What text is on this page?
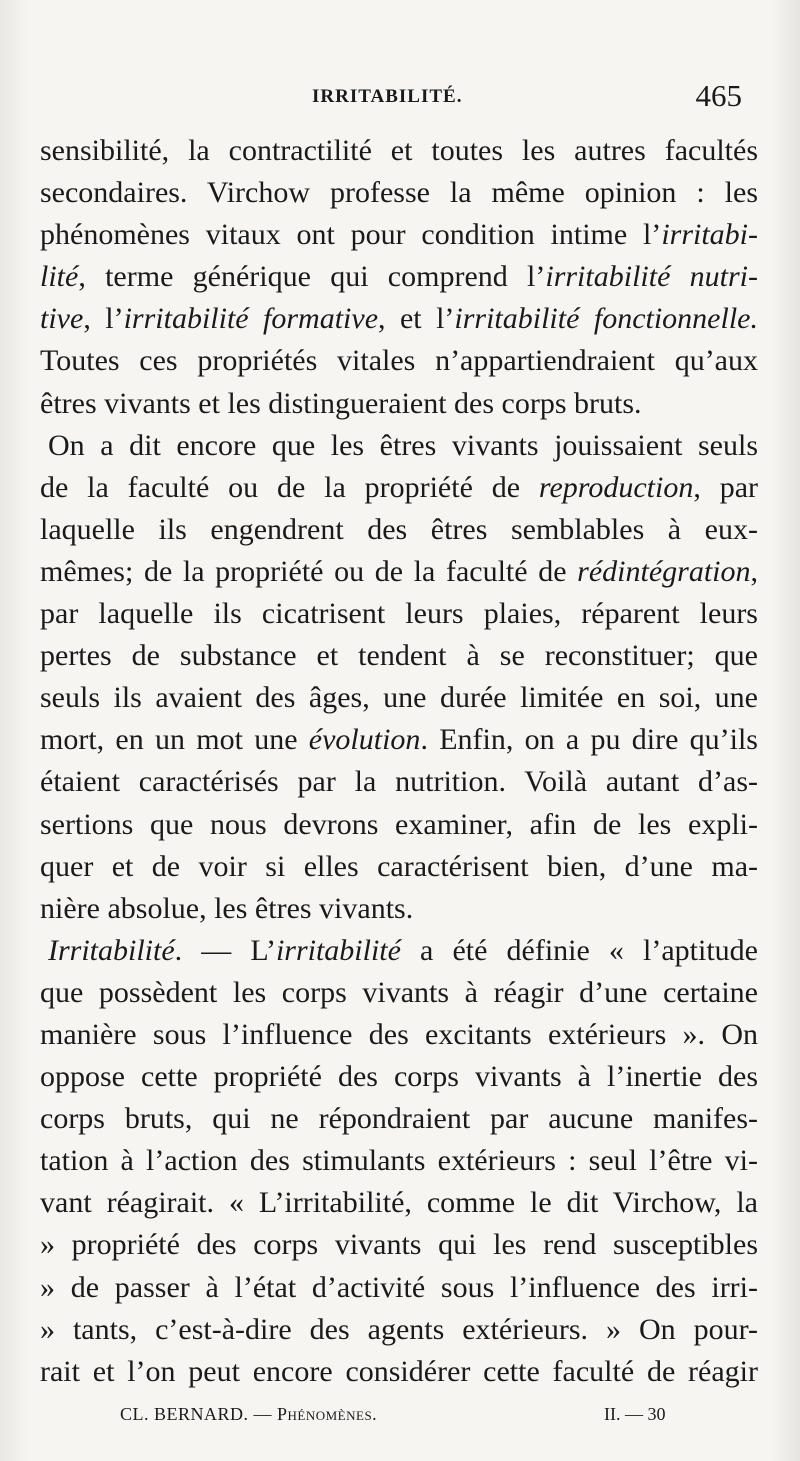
IRRITABILITÉ.	465
sensibilité, la contractilité et toutes les autres facultés
secondaires. Virchow professe la même opinion : les
phénomènes vitaux ont pour condition intime l’irritabi-
lité, terme générique qui comprend l’irritabilité nutri-
tive, l’irritabilité formative, et l’irritabilité fonctionnelle.
Toutes ces propriétés vitales n’appartiendraient qu’aux
êtres vivants et les distingueraient des corps bruts.
On a dit encore que les êtres vivants jouissaient seuls
de la faculté ou de la propriété de reproduction, par
laquelle ils engendrent des êtres semblables à eux-
mêmes; de la propriété ou de la faculté de rédintégration,
par laquelle ils cicatrisent leurs plaies, réparent leurs
pertes de substance et tendent à se reconstituer; que
seuls ils avaient des âges, une durée limitée en soi, une
mort, en un mot une évolution. Enfin, on a pu dire qu’ils
étaient caractérisés par la nutrition. Voilà autant d’as-
sertions que nous devrons examiner, afin de les expli-
quer et de voir si elles caractérisent bien, d’une ma-
nière absolue, les êtres vivants.
Irritabilité. — L’irritabilité a été définie « l’aptitude
que possèdent les corps vivants à réagir d’une certaine
manière sous l’influence des excitants extérieurs ». On
oppose cette propriété des corps vivants à l’inertie des
corps bruts, qui ne répondraient par aucune manifes-
tation à l’action des stimulants extérieurs : seul l’être vi-
vant réagirait. « L’irritabilité, comme le dit Virchow, la
» propriété des corps vivants qui les rend susceptibles
» de passer à l’état d’activité sous l’influence des irri-
» tants, c’est-à-dire des agents extérieurs. » On pour-
rait et l’on peut encore considérer cette faculté de réagir
CL. BERNARD. — Phénomènes.	II. — 30
